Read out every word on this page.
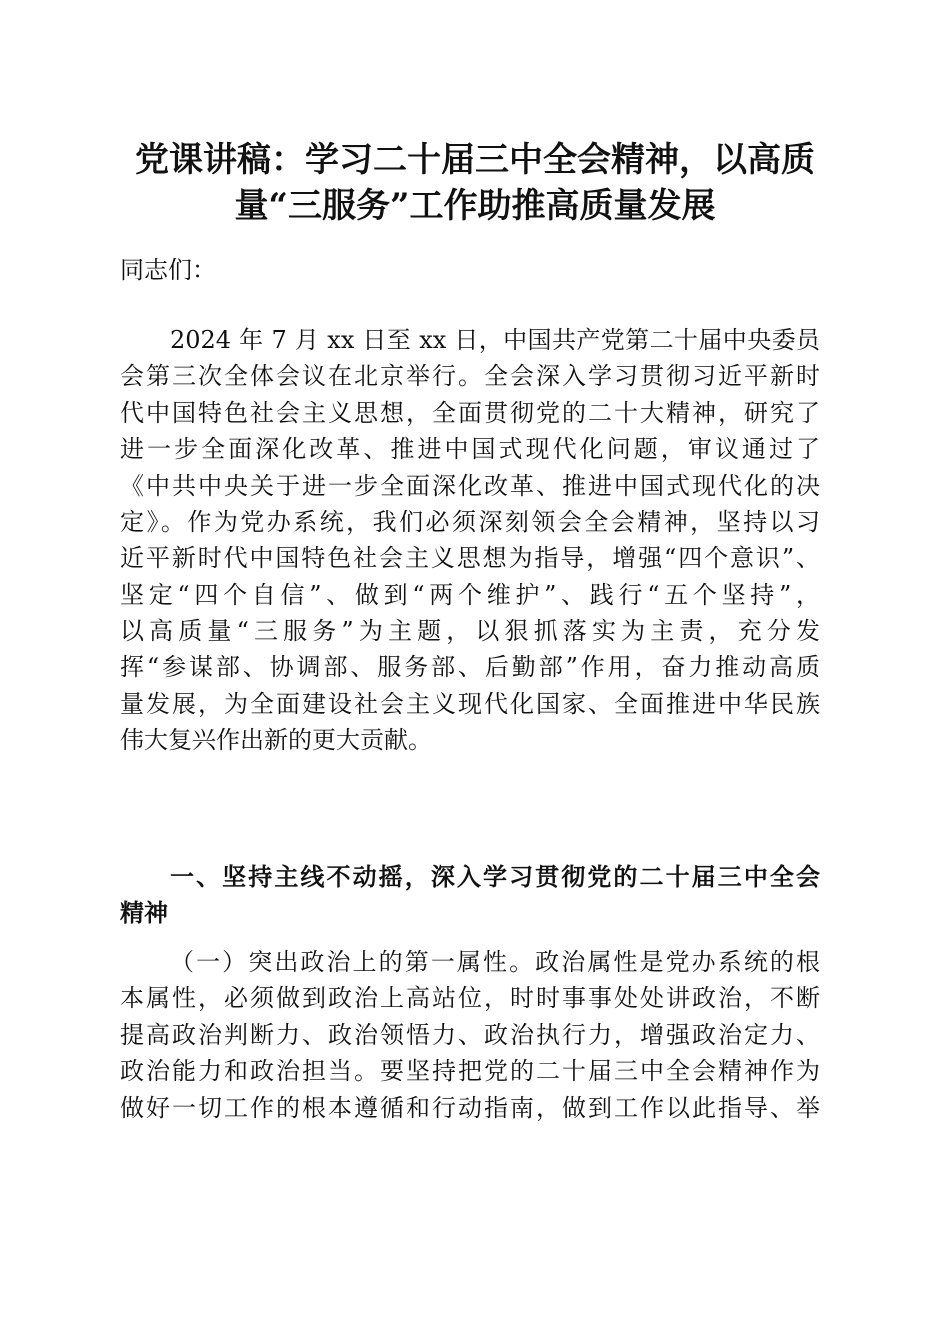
党课讲稿：学习二十届三中全会精神，以高质
量“三服务”工作助推高质量发展
同志们：
2024 年 7 月 xx 日至 xx 日，中国共产党第二十届中央委员
会第三次全体会议在北京举行。全会深入学习贯彻习近平新时
代中国特色社会主义思想，全面贯彻党的二十大精神，研究了
进一步全面深化改革、推进中国式现代化问题，审议通过了
《中共中央关于进一步全面深化改革、推进中国式现代化的决
定》。作为党办系统，我们必须深刻领会全会精神，坚持以习
近平新时代中国特色社会主义思想为指导，增强“四个意识”、
坚定“四个自信”、做到“两个维护”、践行“五个坚持”，
以高质量“三服务”为主题，以狠抓落实为主责，充分发
挥“参谋部、协调部、服务部、后勤部”作用，奋力推动高质
量发展，为全面建设社会主义现代化国家、全面推进中华民族
伟大复兴作出新的更大贡献。
一、坚持主线不动摇，深入学习贯彻党的二十届三中全会
精神
（一）突出政治上的第一属性。政治属性是党办系统的根
本属性，必须做到政治上高站位，时时事事处处讲政治，不断
提高政治判断力、政治领悟力、政治执行力，增强政治定力、
政治能力和政治担当。要坚持把党的二十届三中全会精神作为
做好一切工作的根本遵循和行动指南，做到工作以此指导、举
